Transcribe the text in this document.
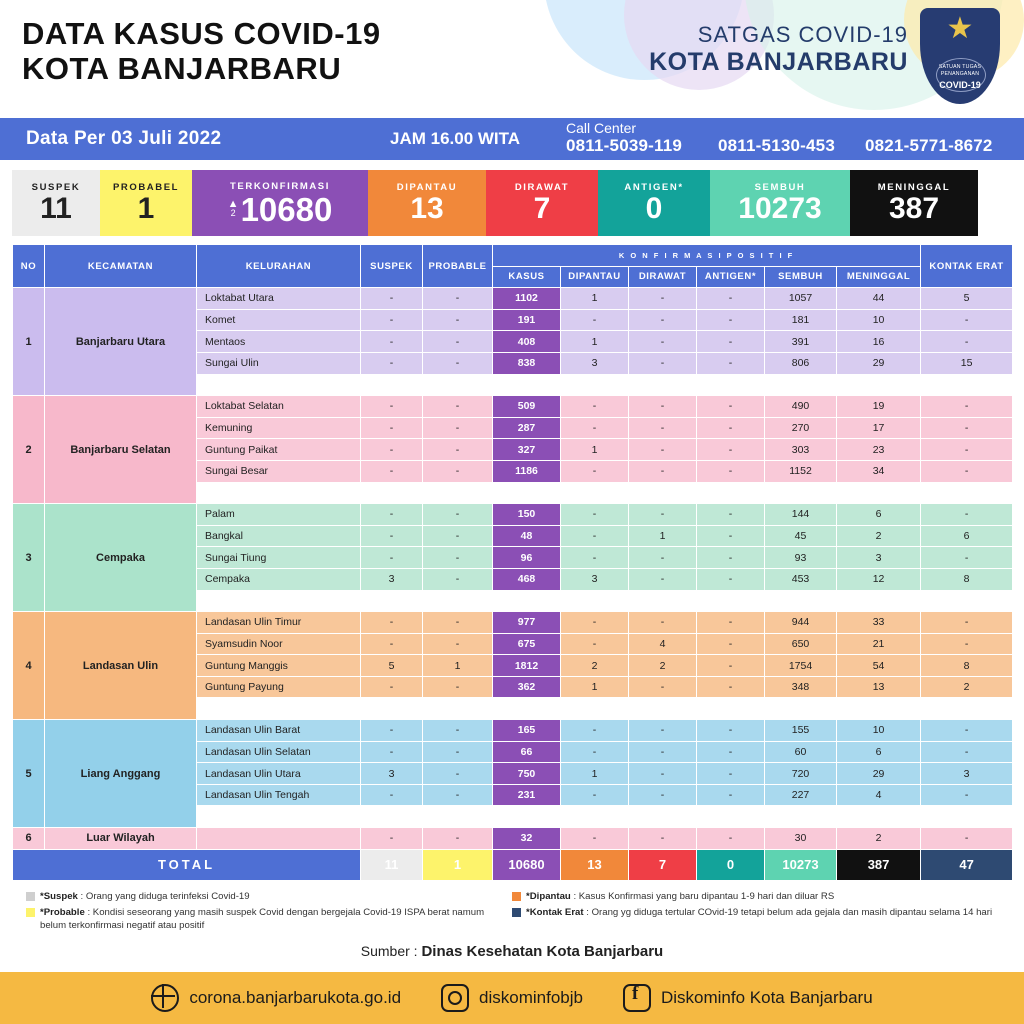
DATA KASUS COVID-19
KOTA BANJARBARU
SATGAS COVID-19
KOTA BANJARBARU
★
SATUAN TUGAS
PENANGANAN
COVID-19
Data Per 03 Juli 2022	JAM 16.00 WITA
Call Center
0811-5039-119 0811-5130-453 0821-5771-8672
SUSPEK
11
PROBABEL
1
TERKONFIRMASI
▲
2 10680
DIPANTAU
13
DIRAWAT
7
ANTIGEN*
0
SEMBUH
10273
MENINGGAL
387
NO	KECAMATAN	KELURAHAN	SUSPEK	PROBABLE	K O N F I R M A S I P O S I T I F						KONTAK ERAT
					KASUS	DIPANTAU	DIRAWAT	ANTIGEN*	SEMBUH	MENINGGAL	
1	Banjarbaru Utara	Loktabat Utara	-	-	1102	1	-	-	1057	44	5
		Komet	-	-	191	-	-	-	181	10	-
		Mentaos	-	-	408	1	-	-	391	16	-
		Sungai Ulin	-	-	838	3	-	-	806	29	15
		JUMLAH	-	-	2539	5	-	-	2435	99	20
2	Banjarbaru Selatan	Loktabat Selatan	-	-	509	-	-	-	490	19	-
		Kemuning	-	-	287	-	-	-	270	17	-
		Guntung Paikat	-	-	327	1	-	-	303	23	-
		Sungai Besar	-	-	1186	-	-	-	1152	34	-
		JUMLAH	-	-	2309	1	-	-	2215	93	-
3	Cempaka	Palam	-	-	150	-	-	-	144	6	-
		Bangkal	-	-	48	-	1	-	45	2	6
		Sungai Tiung	-	-	96	-	-	-	93	3	-
		Cempaka	3	-	468	3	-	-	453	12	8
		JUMLAH	3	-	762	3	1	-	735	23	14
4	Landasan Ulin	Landasan Ulin Timur	-	-	977	-	-	-	944	33	-
		Syamsudin Noor	-	-	675	-	4	-	650	21	-
		Guntung Manggis	5	1	1812	2	2	-	1754	54	8
		Guntung Payung	-	-	362	1	-	-	348	13	2
		JUMLAH	5	1	3826	3	6	-	3696	121	10
5	Liang Anggang	Landasan Ulin Barat	-	-	165	-	-	-	155	10	-
		Landasan Ulin Selatan	-	-	66	-	-	-	60	6	-
		Landasan Ulin Utara	3	-	750	1	-	-	720	29	3
		Landasan Ulin Tengah	-	-	231	-	-	-	227	4	-
		JUMLAH	3	-	1212	1	-	-	1162	49	3
6	Luar Wilayah		-	-	32	-	-	-	30	2	-
TOTAL			11	1	10680	13	7	0	10273	387	47
*Suspek : Orang yang diduga terinfeksi Covid-19
*Probable : Kondisi seseorang yang masih suspek Covid dengan bergejala Covid-19 ISPA berat namum belum terkonfirmasi negatif atau positif
*Dipantau : Kasus Konfirmasi yang baru dipantau 1-9 hari dan diluar RS
*Kontak Erat : Orang yg diduga tertular COvid-19 tetapi belum ada gejala dan masih dipantau selama 14 hari
Sumber : Dinas Kesehatan Kota Banjarbaru
corona.banjarbarukota.go.id	diskominfobjb f	Diskominfo Kota Banjarbaru
